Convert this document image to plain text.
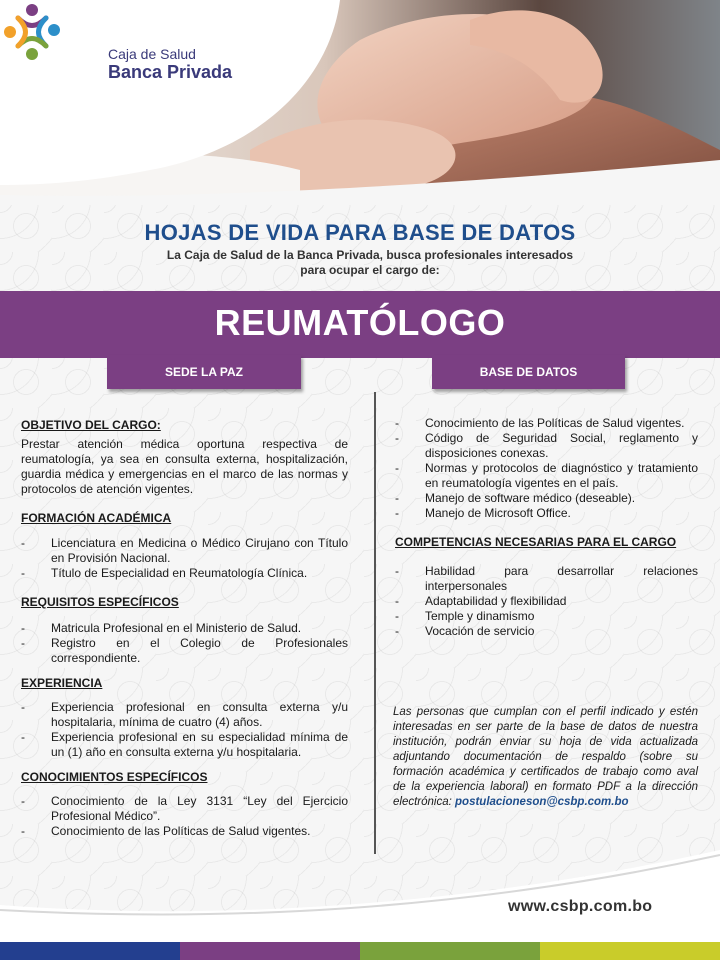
Caja de Salud
Banca Privada
HOJAS DE VIDA PARA BASE DE DATOS
La Caja de Salud de la Banca Privada, busca profesionales interesados
para ocupar el cargo de:
REUMATÓLOGO
SEDE LA PAZ	BASE DE DATOS
OBJETIVO DEL CARGO:

Prestar atención médica oportuna respectiva de reumatología, ya sea en consulta externa, hospitalización, guardia médica y emergencias en el marco de las normas y protocolos de atención vigentes.

FORMACIÓN ACADÉMICA
- Licenciatura en Medicina o Médico Cirujano con Título en Provisión Nacional.
- Título de Especialidad en Reumatología Clínica.
REQUISITOS ESPECÍFICOS
- Matricula Profesional en el Ministerio de Salud.
- Registro en el Colegio de Profesionales correspondiente.
EXPERIENCIA
- Experiencia profesional en consulta externa y/u hospitalaria, mínima de cuatro (4) años.
- Experiencia profesional en su especialidad mínima de un (1) año en consulta externa y/u hospitalaria.
CONOCIMIENTOS ESPECÍFICOS
- Conocimiento de la Ley 3131 “Ley del Ejercicio Profesional Médico”.
- Conocimiento de las Políticas de Salud vigentes.
- Conocimiento de las Políticas de Salud vigentes.
- Código de Seguridad Social, reglamento y disposiciones conexas.
- Normas y protocolos de diagnóstico y tratamiento en reumatología vigentes en el país.
- Manejo de software médico (deseable).
- Manejo de Microsoft Office.
COMPETENCIAS NECESARIAS PARA EL CARGO
- Habilidad para desarrollar relaciones interpersonales
- Adaptabilidad y flexibilidad
- Temple y dinamismo
- Vocación de servicio
Las personas que cumplan con el perfil indicado y estén interesadas en ser parte de la base de datos de nuestra institución, podrán enviar su hoja de vida actualizada adjuntando documentación de respaldo (sobre su formación académica y certificados de trabajo como aval de la experiencia laboral) en formato PDF a la dirección electrónica: postulacioneson@csbp.com.bo
www.csbp.com.bo
